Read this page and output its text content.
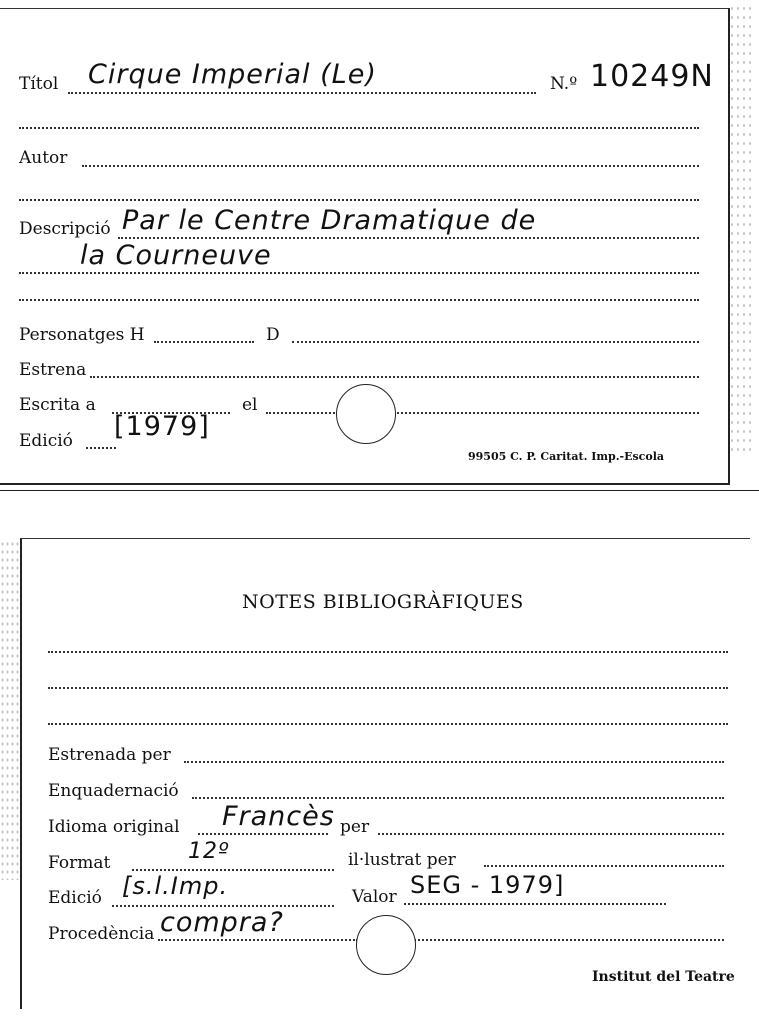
Títol Cirque Imperial (Le)	N.º 10249N
Autor
Descripció Par le Centre Dramatique de
la Courneuve
Personatges H	D
Estrena
Escrita a	el
Edició [1979]
99505 C. P. Caritat. Imp.-Escola
NOTES BIBLIOGRÀFIQUES
Estrenada per
Enquadernació
Idioma original Francès per
Format	12º	il·lustrat per
Edició [s.l.Imp.	Valor SEG - 1979]
Procedència compra?
Institut del Teatre
